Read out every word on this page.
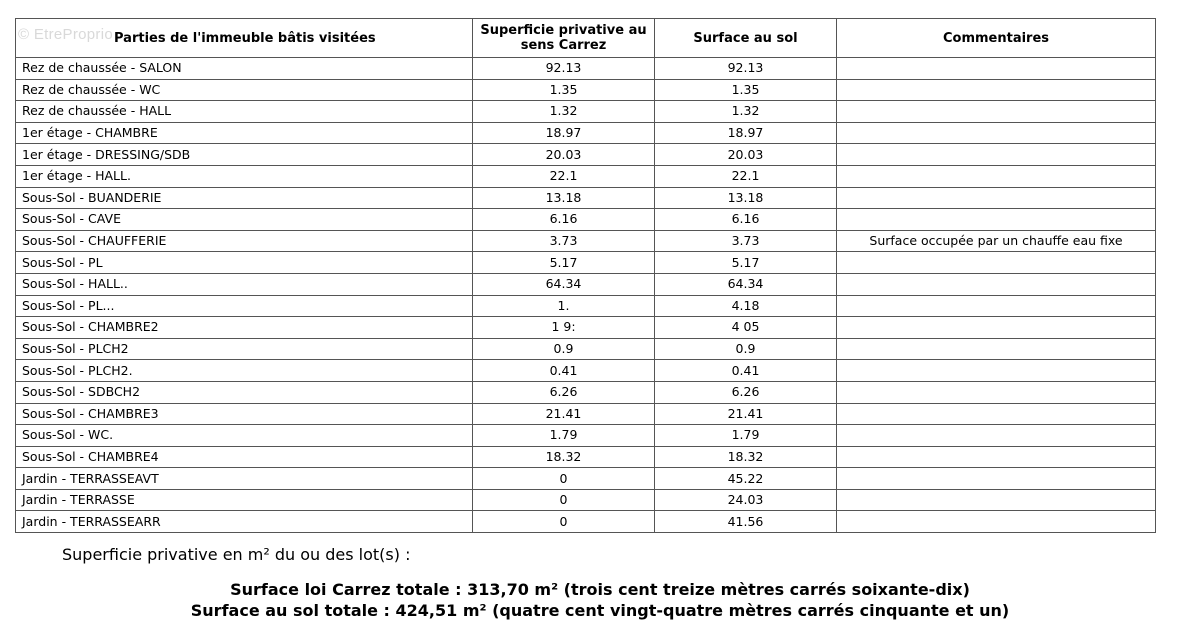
© EtreProprio Parties de l'immeuble bâtis visitées	Superficie privative au sens Carrez	Surface au sol	Commentaires
Rez de chaussée - SALON	92.13	92.13	
Rez de chaussée - WC	1.35	1.35	
Rez de chaussée - HALL	1.32	1.32	
1er étage - CHAMBRE	18.97	18.97	
1er étage - DRESSING/SDB	20.03	20.03	
1er étage - HALL.	22.1	22.1	
Sous-Sol - BUANDERIE	13.18	13.18	
Sous-Sol - CAVE	6.16	6.16	
Sous-Sol - CHAUFFERIE	3.73	3.73	Surface occupée par un chauffe eau fixe
Sous-Sol - PL	5.17	5.17	
Sous-Sol - HALL..	64.34	64.34	
Sous-Sol - PL...	1.	4.18	
Sous-Sol - CHAMBRE2	1 9:	4 05	
Sous-Sol - PLCH2	0.9	0.9	
Sous-Sol - PLCH2.	0.41	0.41	
Sous-Sol - SDBCH2	6.26	6.26	
Sous-Sol - CHAMBRE3	21.41	21.41	
Sous-Sol - WC.	1.79	1.79	
Sous-Sol - CHAMBRE4	18.32	18.32	
Jardin - TERRASSEAVT	0	45.22	
Jardin - TERRASSE	0	24.03	
Jardin - TERRASSEARR	0	41.56	
Superficie privative en m² du ou des lot(s) :
Surface loi Carrez totale : 313,70 m² (trois cent treize mètres carrés soixante-dix)
Surface au sol totale : 424,51 m² (quatre cent vingt-quatre mètres carrés cinquante et un)
